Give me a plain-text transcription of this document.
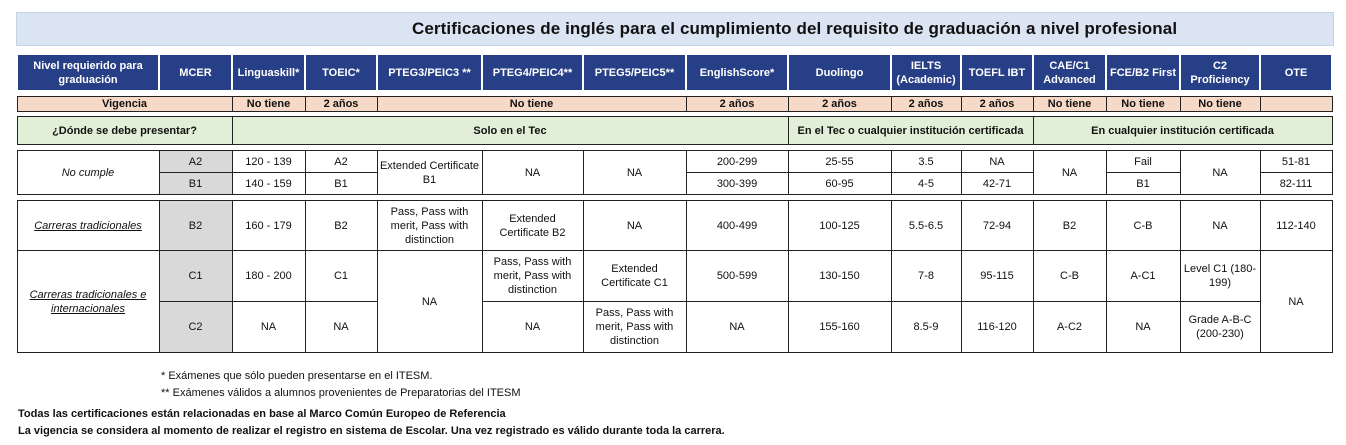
Certificaciones de inglés para el cumplimiento del requisito de graduación a nivel profesional
Nivel requierido para graduación	MCER	Linguaskill*	TOEIC*	PTEG3/PEIC3 **	PTEG4/PEIC4**	PTEG5/PEIC5**	EnglishScore*	Duolingo	IELTS (Academic)	TOEFL IBT	CAE/C1 Advanced	FCE/B2 First	C2 Proficiency	OTE

Vigencia		No tiene	2 años	No tiene			2 años	2 años	2 años	2 años	No tiene	No tiene	No tiene	

¿Dónde se debe presentar?		Solo en el Tec						En el Tec o cualquier institución certificada			En cualquier institución certificada			

No cumple	A2	120 - 139	A2	Extended Certificate B1	NA	NA	200-299	25-55	3.5	NA	NA	Fail	NA	51-81
	B1	140 - 159	B1				300-399	60-95	4-5	42-71		B1		82-111

Carreras tradicionales	B2	160 - 179	B2	Pass, Pass with merit, Pass with distinction	Extended Certificate B2	NA	400-499	100-125	5.5-6.5	72-94	B2	C-B	NA	112-140
Carreras tradicionales e internacionales	C1	180 - 200	C1	NA	Pass, Pass with merit, Pass with distinction	Extended Certificate C1	500-599	130-150	7-8	95-115	C-B	A-C1	Level C1 (180-199)	NA
	C2	NA	NA		NA	Pass, Pass with merit, Pass with distinction	NA	155-160	8.5-9	116-120	A-C2	NA	Grade A-B-C (200-230)	
* Exámenes que sólo pueden presentarse en el ITESM.
** Exámenes válidos a alumnos provenientes de Preparatorias del ITESM
Todas las certificaciones están relacionadas en base al Marco Común Europeo de Referencia
La vigencia se considera al momento de realizar el registro en sistema de Escolar. Una vez registrado es válido durante toda la carrera.
